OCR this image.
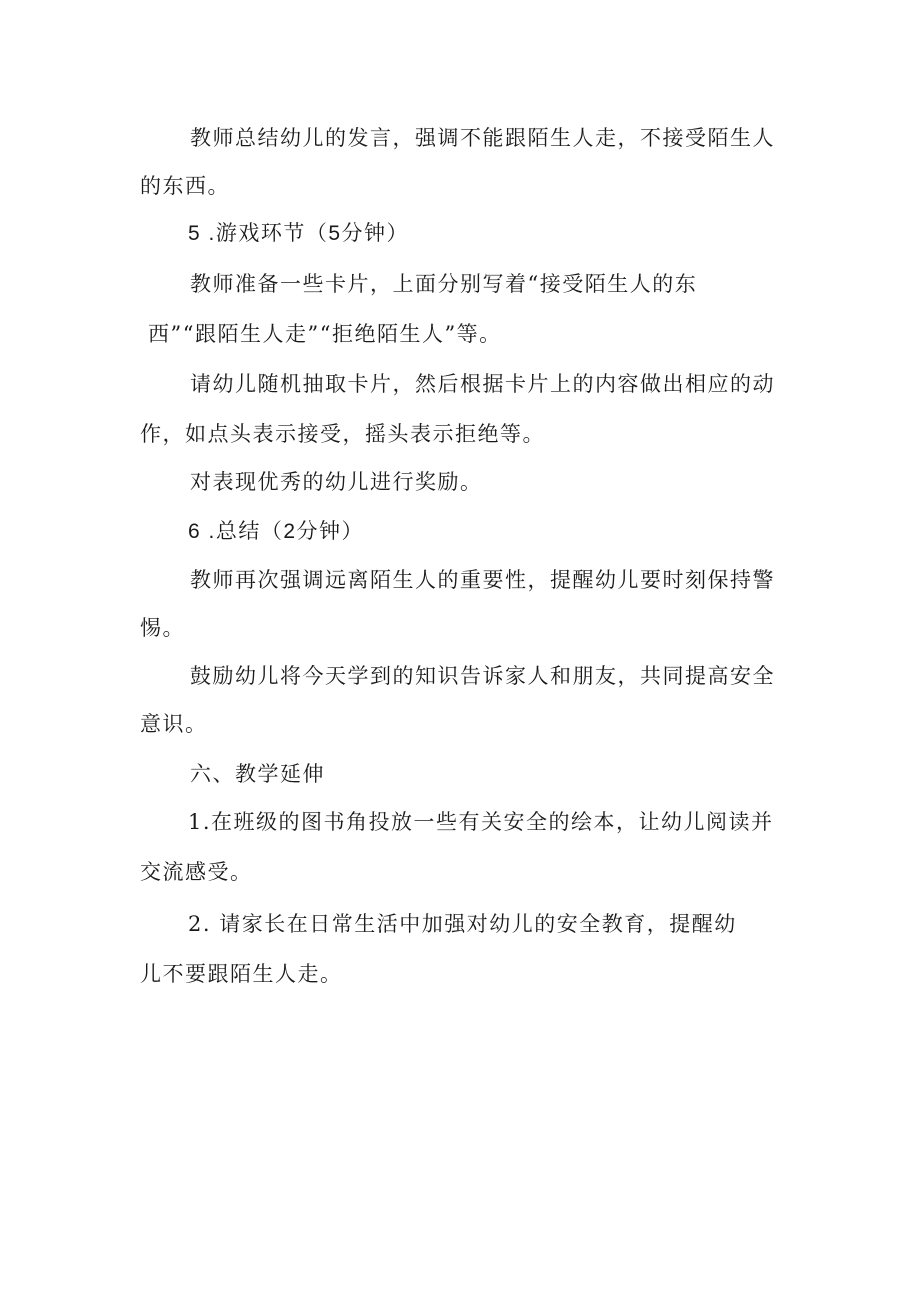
教师总结幼儿的发言，强调不能跟陌生人走，不接受陌生人
的东西。
5 .游戏环节（5分钟）
教师准备一些卡片，上面分别写着“接受陌生人的东
西”“跟陌生人走”“拒绝陌生人”等。
请幼儿随机抽取卡片，然后根据卡片上的内容做出相应的动
作，如点头表示接受，摇头表示拒绝等。
对表现优秀的幼儿进行奖励。
6 .总结（2分钟）
教师再次强调远离陌生人的重要性，提醒幼儿要时刻保持警
惕。
鼓励幼儿将今天学到的知识告诉家人和朋友，共同提高安全
意识。
六、教学延伸
1.在班级的图书角投放一些有关安全的绘本，让幼儿阅读并
交流感受。
2. 请家长在日常生活中加强对幼儿的安全教育，提醒幼
儿不要跟陌生人走。
